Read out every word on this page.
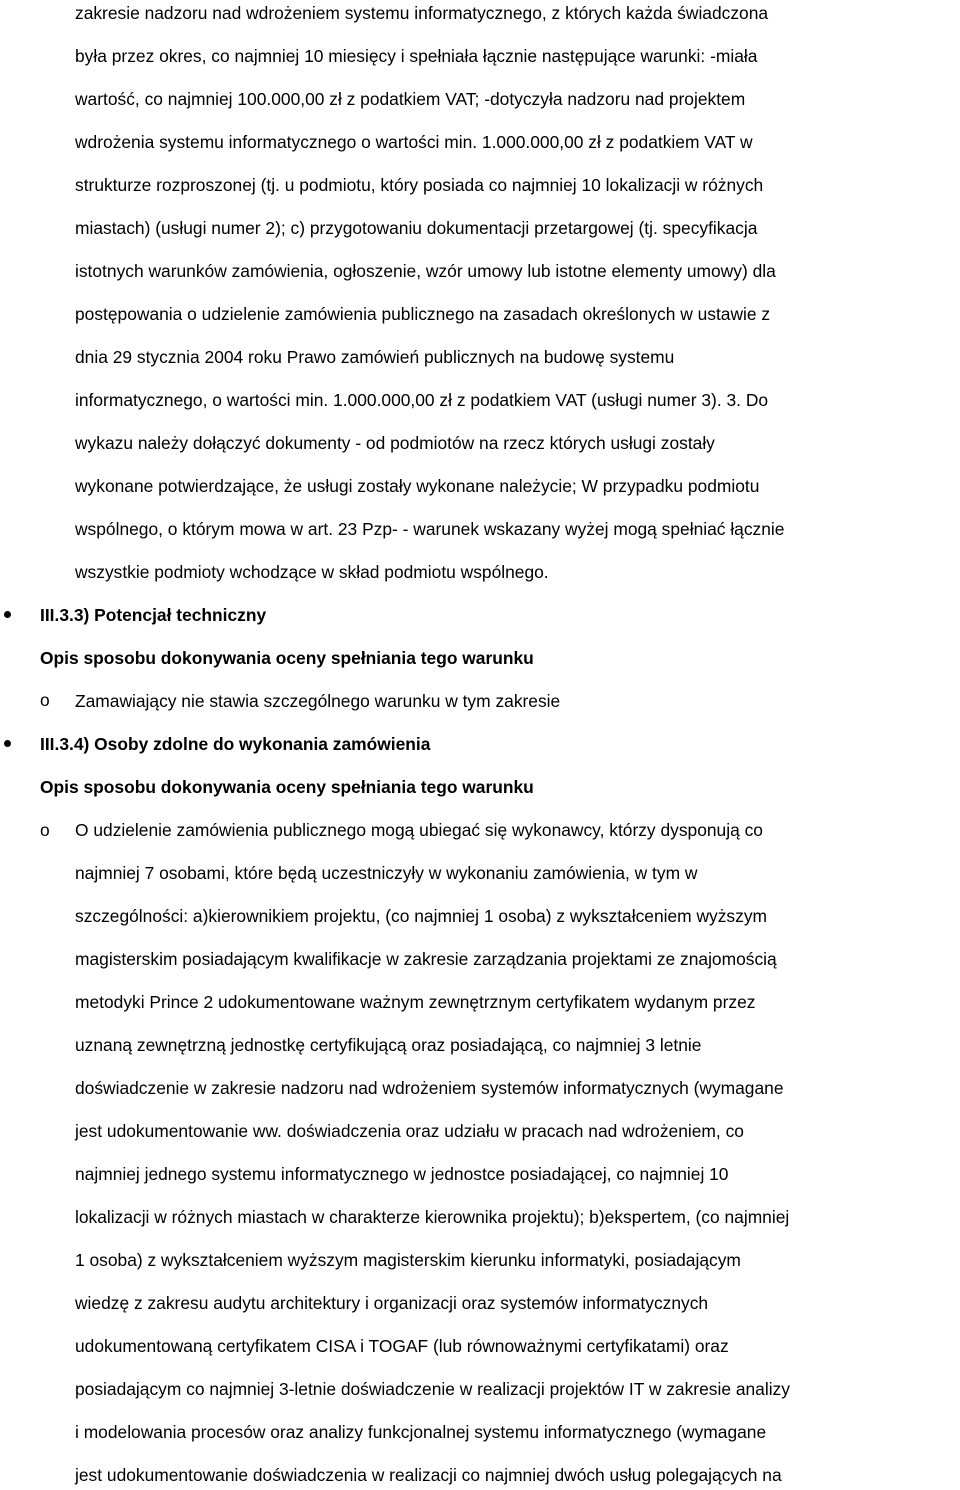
zakresie nadzoru nad wdrożeniem systemu informatycznego, z których każda świadczona
była przez okres, co najmniej 10 miesięcy i spełniała łącznie następujące warunki: -miała
wartość, co najmniej 100.000,00 zł z podatkiem VAT; -dotyczyła nadzoru nad projektem
wdrożenia systemu informatycznego o wartości min. 1.000.000,00 zł z podatkiem VAT w
strukturze rozproszonej (tj. u podmiotu, który posiada co najmniej 10 lokalizacji w różnych
miastach) (usługi numer 2); c) przygotowaniu dokumentacji przetargowej (tj. specyfikacja
istotnych warunków zamówienia, ogłoszenie, wzór umowy lub istotne elementy umowy) dla
postępowania o udzielenie zamówienia publicznego na zasadach określonych w ustawie z
dnia 29 stycznia 2004 roku Prawo zamówień publicznych na budowę systemu
informatycznego, o wartości min. 1.000.000,00 zł z podatkiem VAT (usługi numer 3). 3. Do
wykazu należy dołączyć dokumenty - od podmiotów na rzecz których usługi zostały
wykonane potwierdzające, że usługi zostały wykonane należycie; W przypadku podmiotu
wspólnego, o którym mowa w art. 23 Pzp- - warunek wskazany wyżej mogą spełniać łącznie
wszystkie podmioty wchodzące w skład podmiotu wspólnego.
III.3.3) Potencjał techniczny
Opis sposobu dokonywania oceny spełniania tego warunku
o Zamawiający nie stawia szczególnego warunku w tym zakresie
III.3.4) Osoby zdolne do wykonania zamówienia
Opis sposobu dokonywania oceny spełniania tego warunku
o O udzielenie zamówienia publicznego mogą ubiegać się wykonawcy, którzy dysponują co
najmniej 7 osobami, które będą uczestniczyły w wykonaniu zamówienia, w tym w
szczególności: a)kierownikiem projektu, (co najmniej 1 osoba) z wykształceniem wyższym
magisterskim posiadającym kwalifikacje w zakresie zarządzania projektami ze znajomością
metodyki Prince 2 udokumentowane ważnym zewnętrznym certyfikatem wydanym przez
uznaną zewnętrzną jednostkę certyfikującą oraz posiadającą, co najmniej 3 letnie
doświadczenie w zakresie nadzoru nad wdrożeniem systemów informatycznych (wymagane
jest udokumentowanie ww. doświadczenia oraz udziału w pracach nad wdrożeniem, co
najmniej jednego systemu informatycznego w jednostce posiadającej, co najmniej 10
lokalizacji w różnych miastach w charakterze kierownika projektu); b)ekspertem, (co najmniej
1 osoba) z wykształceniem wyższym magisterskim kierunku informatyki, posiadającym
wiedzę z zakresu audytu architektury i organizacji oraz systemów informatycznych
udokumentowaną certyfikatem CISA i TOGAF (lub równoważnymi certyfikatami) oraz
posiadającym co najmniej 3-letnie doświadczenie w realizacji projektów IT w zakresie analizy
i modelowania procesów oraz analizy funkcjonalnej systemu informatycznego (wymagane
jest udokumentowanie doświadczenia w realizacji co najmniej dwóch usług polegających na
